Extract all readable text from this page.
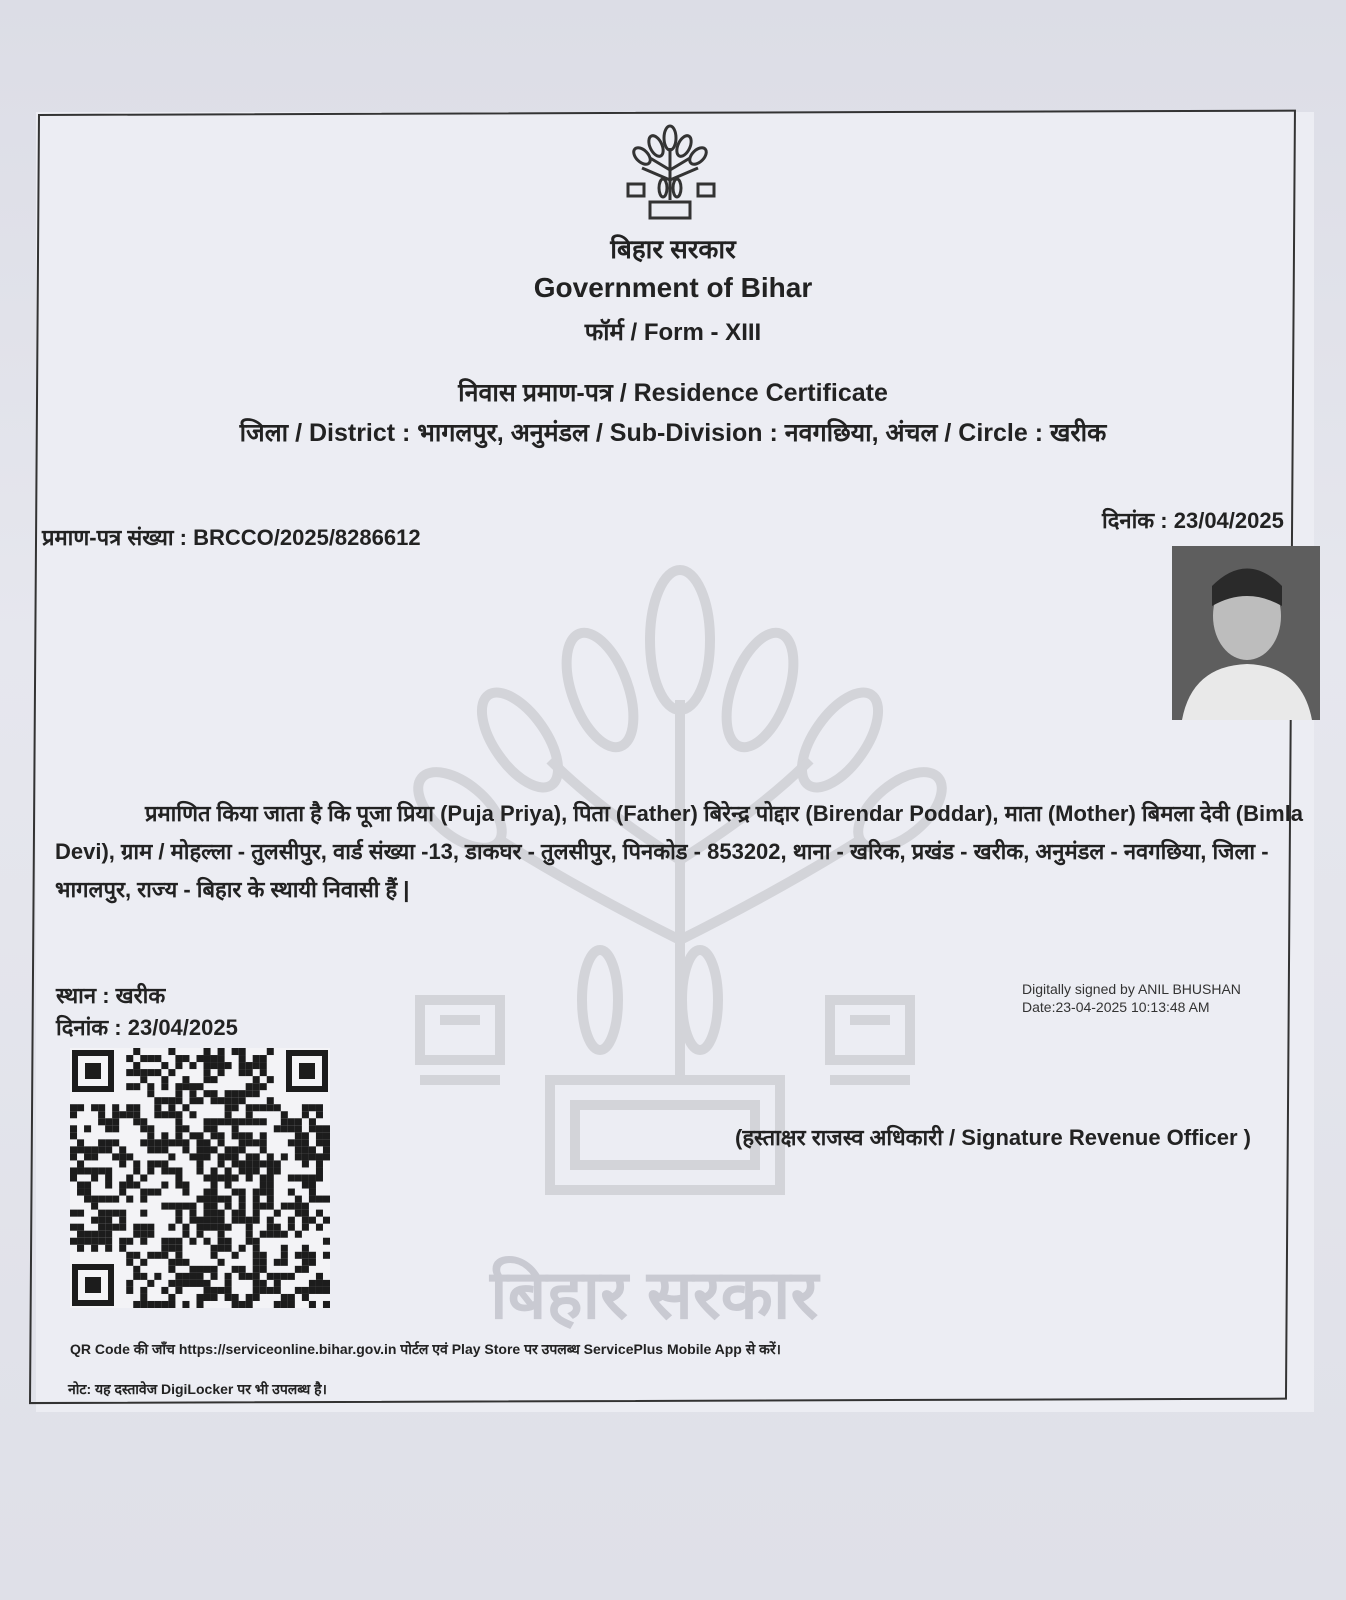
बिहार सरकार
बिहार सरकार
Government of Bihar
फॉर्म / Form - XIII
निवास प्रमाण-पत्र / Residence Certificate
जिला / District : भागलपुर, अनुमंडल / Sub-Division : नवगछिया, अंचल / Circle : खरीक
प्रमाण-पत्र संख्या : BRCCO/2025/8286612
दिनांक : 23/04/2025
प्रमाणित किया जाता है कि पूजा प्रिया (Puja Priya), पिता (Father) बिरेन्द्र पोद्दार (Birendar Poddar), माता (Mother) बिमला देवी (Bimla Devi), ग्राम / मोहल्ला - तुलसीपुर, वार्ड संख्या -13, डाकघर - तुलसीपुर, पिनकोड - 853202, थाना - खरिक, प्रखंड - खरीक, अनुमंडल - नवगछिया, जिला - भागलपुर, राज्य - बिहार के स्थायी निवासी हैं |
स्थान : खरीक
दिनांक : 23/04/2025
Digitally signed by ANIL BHUSHAN
Date:23-04-2025 10:13:48 AM
(हस्ताक्षर राजस्व अधिकारी / Signature Revenue Officer )
QR Code की जाँच https://serviceonline.bihar.gov.in पोर्टल एवं Play Store पर उपलब्ध ServicePlus Mobile App से करें।
नोट: यह दस्तावेज DigiLocker पर भी उपलब्ध है।
